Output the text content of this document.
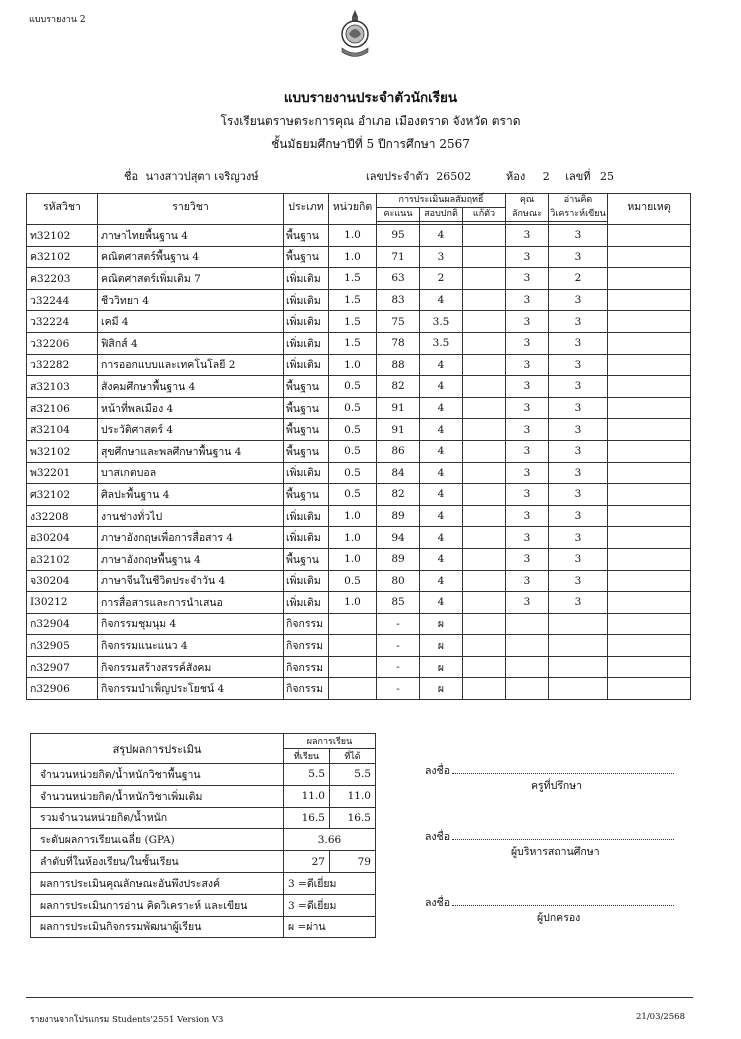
แบบรายงาน 2
แบบรายงานประจำตัวนักเรียน
โรงเรียนตราษตระการคุณ อำเภอ เมืองตราด จังหวัด ตราด
ชั้นมัธยมศึกษาปีที่ 5 ปีการศึกษา 2567
ชื่อ นางสาวปสุตา เจริญวงษ์	เลขประจำตัว 26502	ห้อง 2 เลขที่ 25
รหัสวิชา	รายวิชา	ประเภท	หน่วยกิต	การประเมินผลสัมฤทธิ์			คุณ	อ่านคิด	หมายเหตุ
				คะแนน	สอบปกติ	แก้ตัว	ลักษณะ	วิเคราะห์เขียน	

ท32102	ภาษาไทยพื้นฐาน 4	พื้นฐาน	1.0	95	4		3	3	
ค32102	คณิตศาสตร์พื้นฐาน 4	พื้นฐาน	1.0	71	3		3	3	
ค32203	คณิตศาสตร์เพิ่มเติม 7	เพิ่มเติม	1.5	63	2		3	2	
ว32244	ชีววิทยา 4	เพิ่มเติม	1.5	83	4		3	3	
ว32224	เคมี 4	เพิ่มเติม	1.5	75	3.5		3	3	
ว32206	ฟิสิกส์ 4	เพิ่มเติม	1.5	78	3.5		3	3	
ว32282	การออกแบบและเทคโนโลยี 2	เพิ่มเติม	1.0	88	4		3	3	
ส32103	สังคมศึกษาพื้นฐาน 4	พื้นฐาน	0.5	82	4		3	3	
ส32106	หน้าที่พลเมือง 4	พื้นฐาน	0.5	91	4		3	3	
ส32104	ประวัติศาสตร์ 4	พื้นฐาน	0.5	91	4		3	3	
พ32102	สุขศึกษาและพลศึกษาพื้นฐาน 4	พื้นฐาน	0.5	86	4		3	3	
พ32201	บาสเกตบอล	เพิ่มเติม	0.5	84	4		3	3	
ศ32102	ศิลปะพื้นฐาน 4	พื้นฐาน	0.5	82	4		3	3	
ง32208	งานช่างทั่วไป	เพิ่มเติม	1.0	89	4		3	3	
อ30204	ภาษาอังกฤษเพื่อการสื่อสาร 4	เพิ่มเติม	1.0	94	4		3	3	
อ32102	ภาษาอังกฤษพื้นฐาน 4	พื้นฐาน	1.0	89	4		3	3	
จ30204	ภาษาจีนในชีวิตประจำวัน 4	เพิ่มเติม	0.5	80	4		3	3	
I30212	การสื่อสารและการนำเสนอ	เพิ่มเติม	1.0	85	4		3	3	
ก32904	กิจกรรมชุมนุม 4	กิจกรรม		-	ผ				
ก32905	กิจกรรมแนะแนว 4	กิจกรรม		-	ผ				
ก32907	กิจกรรมสร้างสรรค์สังคม	กิจกรรม		-	ผ				
ก32906	กิจกรรมบำเพ็ญประโยชน์ 4	กิจกรรม		-	ผ				
สรุปผลการประเมิน	ผลการเรียน	
	ที่เรียน	ที่ได้
จำนวนหน่วยกิต/น้ำหนักวิชาพื้นฐาน	5.5	5.5
จำนวนหน่วยกิต/น้ำหนักวิชาเพิ่มเติม	11.0	11.0
รวมจำนวนหน่วยกิต/น้ำหนัก	16.5	16.5
ระดับผลการเรียนเฉลี่ย (GPA)	3.66	
ลำดับที่ในห้องเรียน/ในชั้นเรียน	27	79
ผลการประเมินคุณลักษณะอันพึงประสงค์	3 =ดีเยี่ยม	
ผลการประเมินการอ่าน คิดวิเคราะห์ และเขียน	3 =ดีเยี่ยม	
ผลการประเมินกิจกรรมพัฒนาผู้เรียน	ผ =ผ่าน	
ลงชื่อ
ครูที่ปรึกษา
ลงชื่อ
ผู้บริหารสถานศึกษา
ลงชื่อ
ผู้ปกครอง
รายงานจากโปรแกรม Students'2551 Version V3	21/03/2568
